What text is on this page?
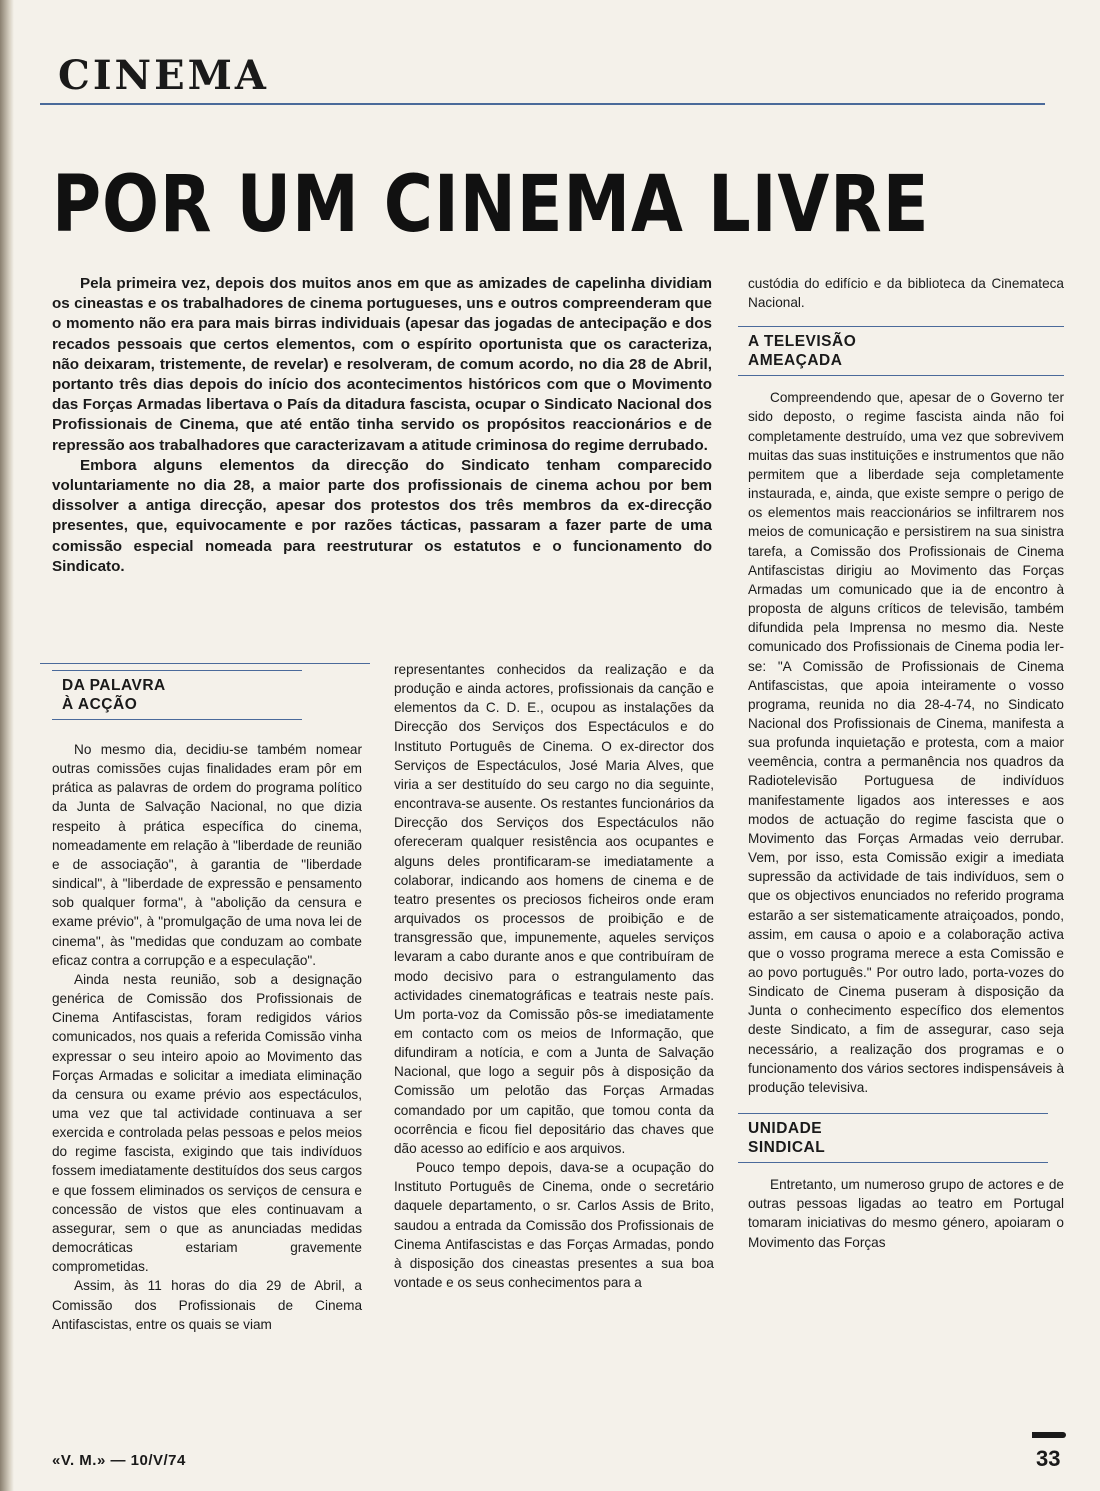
CINEMA
POR UM CINEMA LIVRE

Pela primeira vez, depois dos muitos anos em que as amizades de capelinha dividiam os cineastas e os trabalhadores de cinema portugueses, uns e outros compreenderam que o momento não era para mais birras individuais (apesar das jogadas de antecipação e dos recados pessoais que certos elementos, com o espírito oportunista que os caracteriza, não deixaram, tristemente, de revelar) e resolveram, de comum acordo, no dia 28 de Abril, portanto três dias depois do início dos acontecimentos históricos com que o Movimento das Forças Armadas libertava o País da ditadura fascista, ocupar o Sindicato Nacional dos Profissionais de Cinema, que até então tinha servido os propósitos reaccionários e de repressão aos trabalhadores que caracterizavam a atitude criminosa do regime derrubado.

Embora alguns elementos da direcção do Sindicato tenham comparecido voluntariamente no dia 28, a maior parte dos profissionais de cinema achou por bem dissolver a antiga direcção, apesar dos protestos dos três membros da ex-direcção presentes, que, equivocamente e por razões tácticas, passaram a fazer parte de uma comissão especial nomeada para reestruturar os estatutos e o funcionamento do Sindicato.

DA PALAVRA
À ACÇÃO

No mesmo dia, decidiu-se também nomear outras comissões cujas finalidades eram pôr em prática as palavras de ordem do programa político da Junta de Salvação Nacional, no que dizia respeito à prática específica do cinema, nomeadamente em relação à "liberdade de reunião e de associação", à garantia de "liberdade sindical", à "liberdade de expressão e pensamento sob qualquer forma", à "abolição da censura e exame prévio", à "promulgação de uma nova lei de cinema", às "medidas que conduzam ao combate eficaz contra a corrupção e a especulação".

Ainda nesta reunião, sob a designação genérica de Comissão dos Profissionais de Cinema Antifascistas, foram redigidos vários comunicados, nos quais a referida Comissão vinha expressar o seu inteiro apoio ao Movimento das Forças Armadas e solicitar a imediata eliminação da censura ou exame prévio aos espectáculos, uma vez que tal actividade continuava a ser exercida e controlada pelas pessoas e pelos meios do regime fascista, exigindo que tais indivíduos fossem imediatamente destituídos dos seus cargos e que fossem eliminados os serviços de censura e concessão de vistos que eles continuavam a assegurar, sem o que as anunciadas medidas democráticas estariam gravemente comprometidas.

Assim, às 11 horas do dia 29 de Abril, a Comissão dos Profissionais de Cinema Antifascistas, entre os quais se viam

representantes conhecidos da realização e da produção e ainda actores, profissionais da canção e elementos da C. D. E., ocupou as instalações da Direcção dos Serviços dos Espectáculos e do Instituto Português de Cinema. O ex-director dos Serviços de Espectáculos, José Maria Alves, que viria a ser destituído do seu cargo no dia seguinte, encontrava-se ausente. Os restantes funcionários da Direcção dos Serviços dos Espectáculos não ofereceram qualquer resistência aos ocupantes e alguns deles prontificaram-se imediatamente a colaborar, indicando aos homens de cinema e de teatro presentes os preciosos ficheiros onde eram arquivados os processos de proibição e de transgressão que, impunemente, aqueles serviços levaram a cabo durante anos e que contribuíram de modo decisivo para o estrangulamento das actividades cinematográficas e teatrais neste país. Um porta-voz da Comissão pôs-se imediatamente em contacto com os meios de Informação, que difundiram a notícia, e com a Junta de Salvação Nacional, que logo a seguir pôs à disposição da Comissão um pelotão das Forças Armadas comandado por um capitão, que tomou conta da ocorrência e ficou fiel depositário das chaves que dão acesso ao edifício e aos arquivos.

Pouco tempo depois, dava-se a ocupação do Instituto Português de Cinema, onde o secretário daquele departamento, o sr. Carlos Assis de Brito, saudou a entrada da Comissão dos Profissionais de Cinema Antifascistas e das Forças Armadas, pondo à disposição dos cineastas presentes a sua boa vontade e os seus conhecimentos para a

custódia do edifício e da biblioteca da Cinemateca Nacional.

A TELEVISÃO
AMEAÇADA

Compreendendo que, apesar de o Governo ter sido deposto, o regime fascista ainda não foi completamente destruído, uma vez que sobrevivem muitas das suas instituições e instrumentos que não permitem que a liberdade seja completamente instaurada, e, ainda, que existe sempre o perigo de os elementos mais reaccionários se infiltrarem nos meios de comunicação e persistirem na sua sinistra tarefa, a Comissão dos Profissionais de Cinema Antifascistas dirigiu ao Movimento das Forças Armadas um comunicado que ia de encontro à proposta de alguns críticos de televisão, também difundida pela Imprensa no mesmo dia. Neste comunicado dos Profissionais de Cinema podia ler-se: "A Comissão de Profissionais de Cinema Antifascistas, que apoia inteiramente o vosso programa, reunida no dia 28-4-74, no Sindicato Nacional dos Profissionais de Cinema, manifesta a sua profunda inquietação e protesta, com a maior veemência, contra a permanência nos quadros da Radiotelevisão Portuguesa de indivíduos manifestamente ligados aos interesses e aos modos de actuação do regime fascista que o Movimento das Forças Armadas veio derrubar. Vem, por isso, esta Comissão exigir a imediata supressão da actividade de tais indivíduos, sem o que os objectivos enunciados no referido programa estarão a ser sistematicamente atraiçoados, pondo, assim, em causa o apoio e a colaboração activa que o vosso programa merece a esta Comissão e ao povo português." Por outro lado, porta-vozes do Sindicato de Cinema puseram à disposição da Junta o conhecimento específico dos elementos deste Sindicato, a fim de assegurar, caso seja necessário, a realização dos programas e o funcionamento dos vários sectores indispensáveis à produção televisiva.

UNIDADE
SINDICAL

Entretanto, um numeroso grupo de actores e de outras pessoas ligadas ao teatro em Portugal tomaram iniciativas do mesmo género, apoiaram o Movimento das Forças

«V. M.» — 10/V/74	33
